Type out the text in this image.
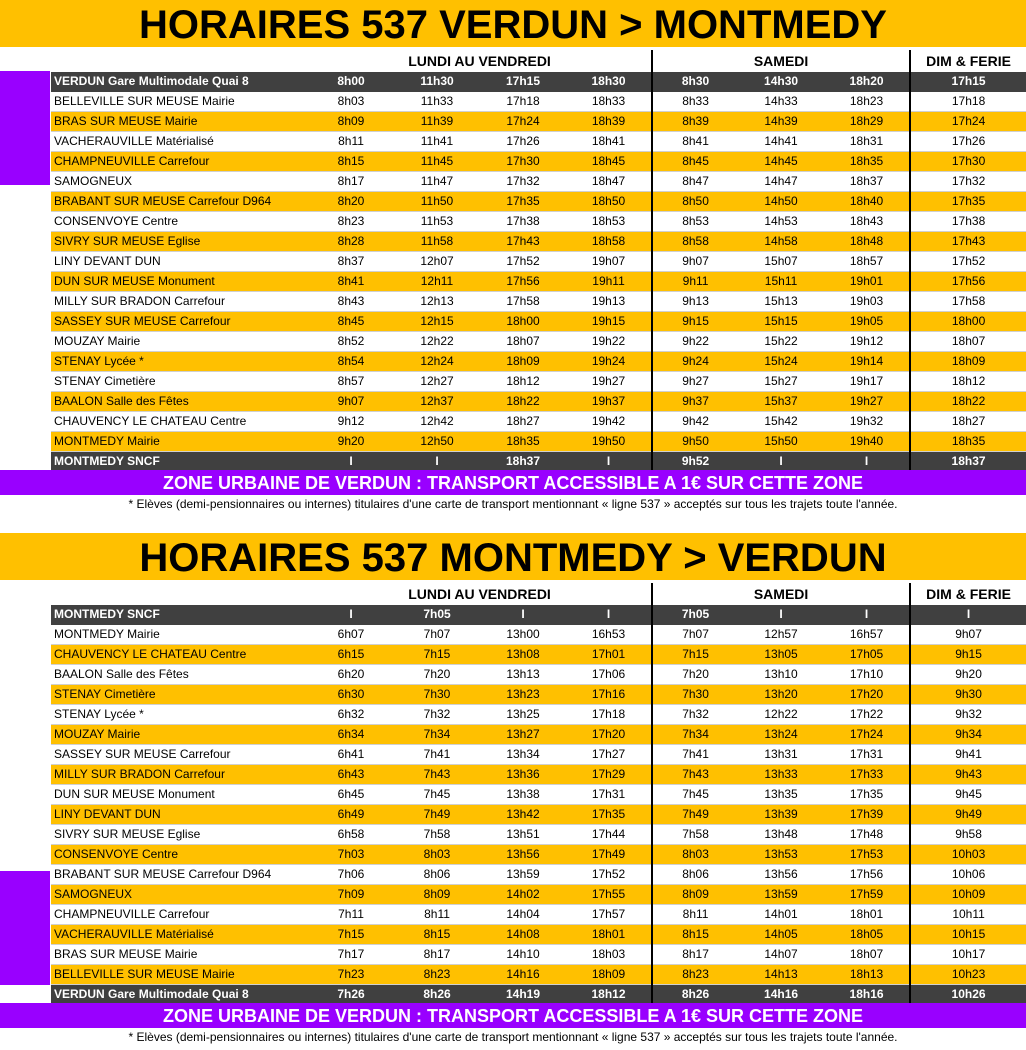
HORAIRES 537 VERDUN > MONTMEDY
	LUNDI AU VENDREDI				SAMEDI			DIM & FERIE
VERDUN Gare Multimodale Quai 8	8h00	11h30	17h15	18h30	8h30	14h30	18h20	17h15
BELLEVILLE SUR MEUSE Mairie	8h03	11h33	17h18	18h33	8h33	14h33	18h23	17h18
BRAS SUR MEUSE Mairie	8h09	11h39	17h24	18h39	8h39	14h39	18h29	17h24
VACHERAUVILLE Matérialisé	8h11	11h41	17h26	18h41	8h41	14h41	18h31	17h26
CHAMPNEUVILLE Carrefour	8h15	11h45	17h30	18h45	8h45	14h45	18h35	17h30
SAMOGNEUX	8h17	11h47	17h32	18h47	8h47	14h47	18h37	17h32
BRABANT SUR MEUSE Carrefour D964	8h20	11h50	17h35	18h50	8h50	14h50	18h40	17h35
CONSENVOYE Centre	8h23	11h53	17h38	18h53	8h53	14h53	18h43	17h38
SIVRY SUR MEUSE Eglise	8h28	11h58	17h43	18h58	8h58	14h58	18h48	17h43
LINY DEVANT DUN	8h37	12h07	17h52	19h07	9h07	15h07	18h57	17h52
DUN SUR MEUSE Monument	8h41	12h11	17h56	19h11	9h11	15h11	19h01	17h56
MILLY SUR BRADON Carrefour	8h43	12h13	17h58	19h13	9h13	15h13	19h03	17h58
SASSEY SUR MEUSE Carrefour	8h45	12h15	18h00	19h15	9h15	15h15	19h05	18h00
MOUZAY Mairie	8h52	12h22	18h07	19h22	9h22	15h22	19h12	18h07
STENAY Lycée *	8h54	12h24	18h09	19h24	9h24	15h24	19h14	18h09
STENAY Cimetière	8h57	12h27	18h12	19h27	9h27	15h27	19h17	18h12
BAALON Salle des Fêtes	9h07	12h37	18h22	19h37	9h37	15h37	19h27	18h22
CHAUVENCY LE CHATEAU Centre	9h12	12h42	18h27	19h42	9h42	15h42	19h32	18h27
MONTMEDY Mairie	9h20	12h50	18h35	19h50	9h50	15h50	19h40	18h35
MONTMEDY SNCF	I	I	18h37	I	9h52	I	I	18h37
ZONE URBAINE DE VERDUN : TRANSPORT ACCESSIBLE A 1€ SUR CETTE ZONE
* Elèves (demi-pensionnaires ou internes) titulaires d'une carte de transport mentionnant « ligne 537 » acceptés sur tous les trajets toute l'année.
HORAIRES 537 MONTMEDY > VERDUN
	LUNDI AU VENDREDI				SAMEDI			DIM & FERIE
MONTMEDY SNCF	I	7h05	I	I	7h05	I	I	I
MONTMEDY Mairie	6h07	7h07	13h00	16h53	7h07	12h57	16h57	9h07
CHAUVENCY LE CHATEAU Centre	6h15	7h15	13h08	17h01	7h15	13h05	17h05	9h15
BAALON Salle des Fêtes	6h20	7h20	13h13	17h06	7h20	13h10	17h10	9h20
STENAY Cimetière	6h30	7h30	13h23	17h16	7h30	13h20	17h20	9h30
STENAY Lycée *	6h32	7h32	13h25	17h18	7h32	12h22	17h22	9h32
MOUZAY Mairie	6h34	7h34	13h27	17h20	7h34	13h24	17h24	9h34
SASSEY SUR MEUSE Carrefour	6h41	7h41	13h34	17h27	7h41	13h31	17h31	9h41
MILLY SUR BRADON Carrefour	6h43	7h43	13h36	17h29	7h43	13h33	17h33	9h43
DUN SUR MEUSE Monument	6h45	7h45	13h38	17h31	7h45	13h35	17h35	9h45
LINY DEVANT DUN	6h49	7h49	13h42	17h35	7h49	13h39	17h39	9h49
SIVRY SUR MEUSE Eglise	6h58	7h58	13h51	17h44	7h58	13h48	17h48	9h58
CONSENVOYE Centre	7h03	8h03	13h56	17h49	8h03	13h53	17h53	10h03
BRABANT SUR MEUSE Carrefour D964	7h06	8h06	13h59	17h52	8h06	13h56	17h56	10h06
SAMOGNEUX	7h09	8h09	14h02	17h55	8h09	13h59	17h59	10h09
CHAMPNEUVILLE Carrefour	7h11	8h11	14h04	17h57	8h11	14h01	18h01	10h11
VACHERAUVILLE Matérialisé	7h15	8h15	14h08	18h01	8h15	14h05	18h05	10h15
BRAS SUR MEUSE Mairie	7h17	8h17	14h10	18h03	8h17	14h07	18h07	10h17
BELLEVILLE SUR MEUSE Mairie	7h23	8h23	14h16	18h09	8h23	14h13	18h13	10h23
VERDUN Gare Multimodale Quai 8	7h26	8h26	14h19	18h12	8h26	14h16	18h16	10h26
ZONE URBAINE DE VERDUN : TRANSPORT ACCESSIBLE A 1€ SUR CETTE ZONE
* Elèves (demi-pensionnaires ou internes) titulaires d'une carte de transport mentionnant « ligne 537 » acceptés sur tous les trajets toute l'année.
